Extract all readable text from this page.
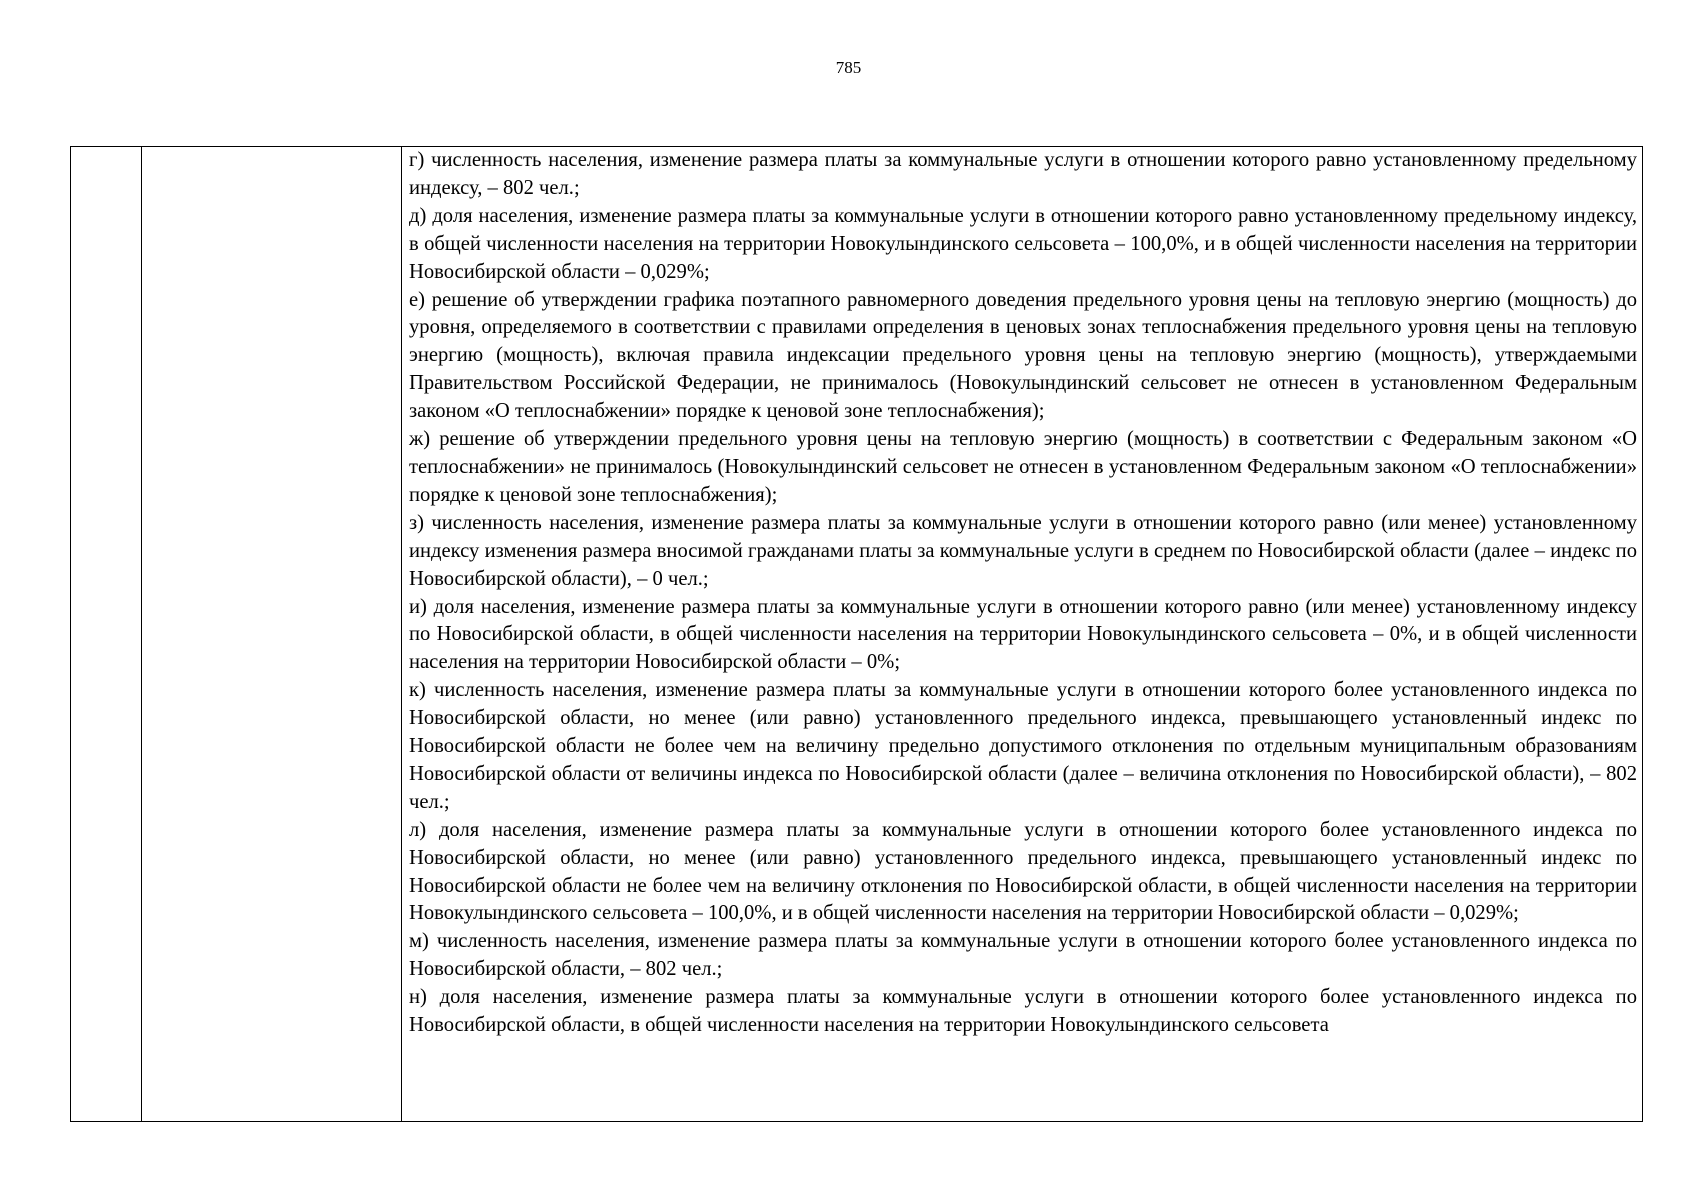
785

г) численность населения, изменение размера платы за коммунальные услуги в отношении которого равно установленному предельному индексу, – 802 чел.;

д) доля населения, изменение размера платы за коммунальные услуги в отношении которого равно установленному предельному индексу, в общей численности населения на территории Новокулындинского сельсовета – 100,0%, и в общей численности населения на территории Новосибирской области – 0,029%;

е) решение об утверждении графика поэтапного равномерного доведения предельного уровня цены на тепловую энергию (мощность) до уровня, определяемого в соответствии с правилами определения в ценовых зонах теплоснабжения предельного уровня цены на тепловую энергию (мощность), включая правила индексации предельного уровня цены на тепловую энергию (мощность), утверждаемыми Правительством Российской Федерации, не принималось (Новокулындинский сельсовет не отнесен в установленном Федеральным законом «О теплоснабжении» порядке к ценовой зоне теплоснабжения);

ж) решение об утверждении предельного уровня цены на тепловую энергию (мощность) в соответствии с Федеральным законом «О теплоснабжении» не принималось (Новокулындинский сельсовет не отнесен в установленном Федеральным законом «О теплоснабжении» порядке к ценовой зоне теплоснабжения);

з) численность населения, изменение размера платы за коммунальные услуги в отношении которого равно (или менее) установленному индексу изменения размера вносимой гражданами платы за коммунальные услуги в среднем по Новосибирской области (далее – индекс по Новосибирской области), – 0 чел.;

и) доля населения, изменение размера платы за коммунальные услуги в отношении которого равно (или менее) установленному индексу по Новосибирской области, в общей численности населения на территории Новокулындинского сельсовета – 0%, и в общей численности населения на территории Новосибирской области – 0%;

к) численность населения, изменение размера платы за коммунальные услуги в отношении которого более установленного индекса по Новосибирской области, но менее (или равно) установленного предельного индекса, превышающего установленный индекс по Новосибирской области не более чем на величину предельно допустимого отклонения по отдельным муниципальным образованиям Новосибирской области от величины индекса по Новосибирской области (далее – величина отклонения по Новосибирской области), – 802 чел.;

л) доля населения, изменение размера платы за коммунальные услуги в отношении которого более установленного индекса по Новосибирской области, но менее (или равно) установленного предельного индекса, превышающего установленный индекс по Новосибирской области не более чем на величину отклонения по Новосибирской области, в общей численности населения на территории Новокулындинского сельсовета – 100,0%, и в общей численности населения на территории Новосибирской области – 0,029%;

м) численность населения, изменение размера платы за коммунальные услуги в отношении которого более установленного индекса по Новосибирской области, – 802 чел.;

н) доля населения, изменение размера платы за коммунальные услуги в отношении которого более установленного индекса по Новосибирской области, в общей численности населения на территории Новокулындинского сельсовета
